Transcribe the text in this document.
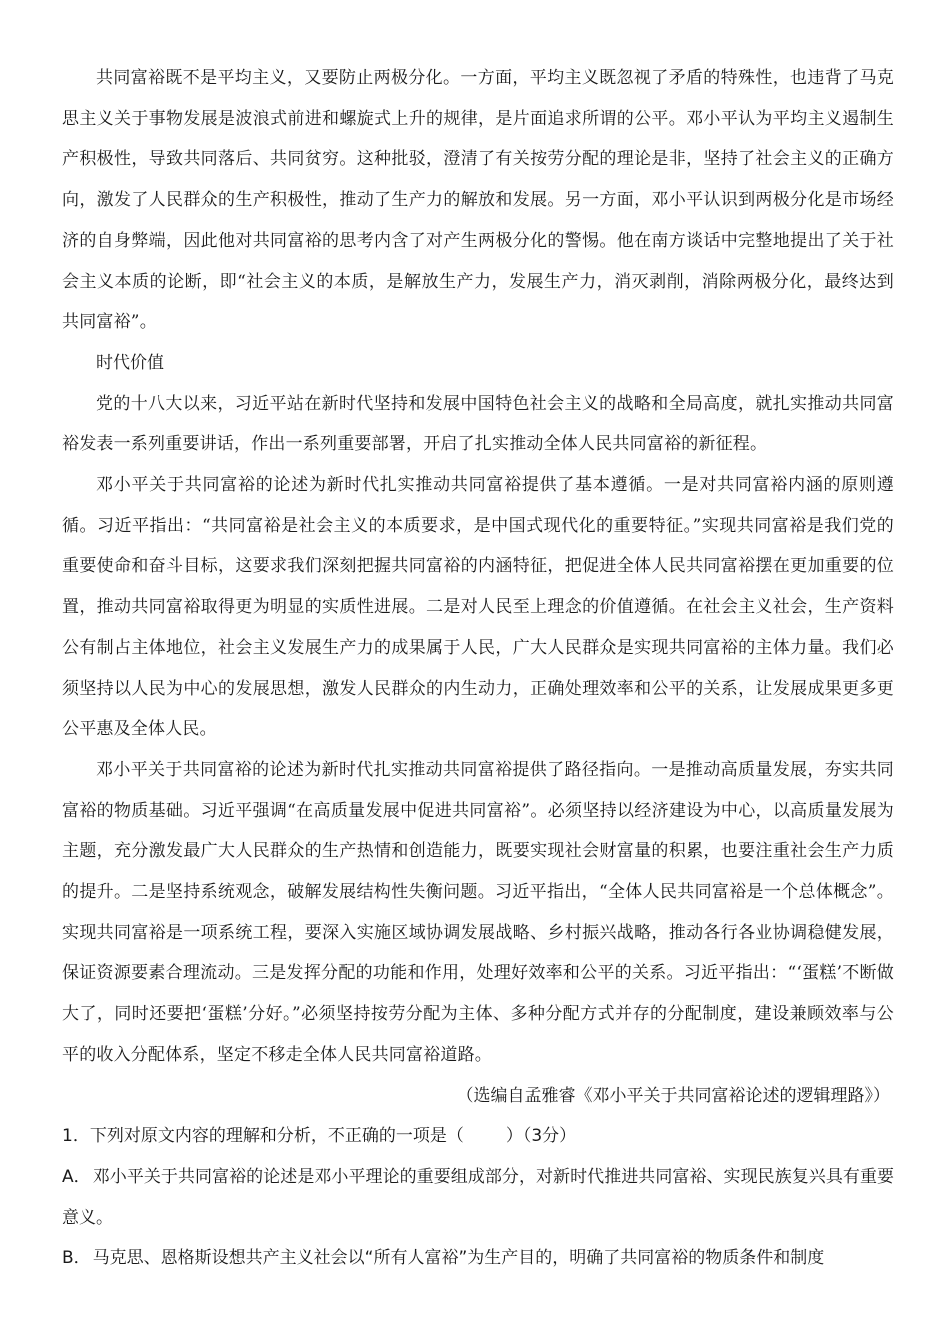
共同富裕既不是平均主义，又要防止两极分化。一方面，平均主义既忽视了矛盾的特殊性，也违背了马克思主义关于事物发展是波浪式前进和螺旋式上升的规律，是片面追求所谓的公平。邓小平认为平均主义遏制生产积极性，导致共同落后、共同贫穷。这种批驳，澄清了有关按劳分配的理论是非，坚持了社会主义的正确方向，激发了人民群众的生产积极性，推动了生产力的解放和发展。另一方面，邓小平认识到两极分化是市场经济的自身弊端，因此他对共同富裕的思考内含了对产生两极分化的警惕。他在南方谈话中完整地提出了关于社会主义本质的论断，即“社会主义的本质，是解放生产力，发展生产力，消灭剥削，消除两极分化，最终达到共同富裕”。

时代价值

党的十八大以来，习近平站在新时代坚持和发展中国特色社会主义的战略和全局高度，就扎实推动共同富裕发表一系列重要讲话，作出一系列重要部署，开启了扎实推动全体人民共同富裕的新征程。

邓小平关于共同富裕的论述为新时代扎实推动共同富裕提供了基本遵循。一是对共同富裕内涵的原则遵循。习近平指出：“共同富裕是社会主义的本质要求，是中国式现代化的重要特征。”实现共同富裕是我们党的重要使命和奋斗目标，这要求我们深刻把握共同富裕的内涵特征，把促进全体人民共同富裕摆在更加重要的位置，推动共同富裕取得更为明显的实质性进展。二是对人民至上理念的价值遵循。在社会主义社会，生产资料公有制占主体地位，社会主义发展生产力的成果属于人民，广大人民群众是实现共同富裕的主体力量。我们必须坚持以人民为中心的发展思想，激发人民群众的内生动力，正确处理效率和公平的关系，让发展成果更多更公平惠及全体人民。

邓小平关于共同富裕的论述为新时代扎实推动共同富裕提供了路径指向。一是推动高质量发展，夯实共同富裕的物质基础。习近平强调“在高质量发展中促进共同富裕”。必须坚持以经济建设为中心，以高质量发展为主题，充分激发最广大人民群众的生产热情和创造能力，既要实现社会财富量的积累，也要注重社会生产力质的提升。二是坚持系统观念，破解发展结构性失衡问题。习近平指出，“全体人民共同富裕是一个总体概念”。实现共同富裕是一项系统工程，要深入实施区域协调发展战略、乡村振兴战略，推动各行各业协调稳健发展，保证资源要素合理流动。三是发挥分配的功能和作用，处理好效率和公平的关系。习近平指出：“‘蛋糕’不断做大了，同时还要把‘蛋糕’分好。”必须坚持按劳分配为主体、多种分配方式并存的分配制度，建设兼顾效率与公平的收入分配体系，坚定不移走全体人民共同富裕道路。

（选编自孟雅睿《邓小平关于共同富裕论述的逻辑理路》）

1．下列对原文内容的理解和分析，不正确的一项是（ ）（3分）

A． 邓小平关于共同富裕的论述是邓小平理论的重要组成部分，对新时代推进共同富裕、实现民族复兴具有重要意义。

B． 马克思、恩格斯设想共产主义社会以“所有人富裕”为生产目的，明确了共同富裕的物质条件和制度
